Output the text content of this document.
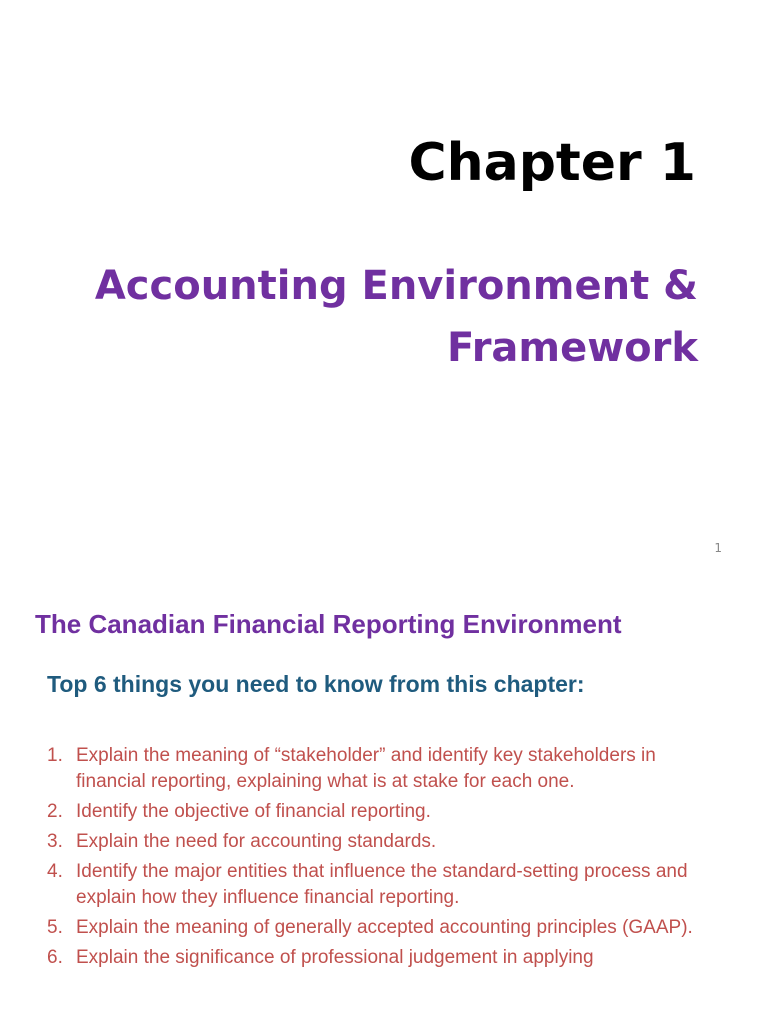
Chapter 1
Accounting Environment & Framework
1
The Canadian Financial Reporting Environment
Top 6 things you need to know from this chapter:
1. Explain the meaning of “stakeholder” and identify key stakeholders in financial reporting, explaining what is at stake for each one.
2. Identify the objective of financial reporting.
3. Explain the need for accounting standards.
4. Identify the major entities that influence the standard-setting process and explain how they influence financial reporting.
5. Explain the meaning of generally accepted accounting principles (GAAP).
6. Explain the significance of professional judgement in applying
